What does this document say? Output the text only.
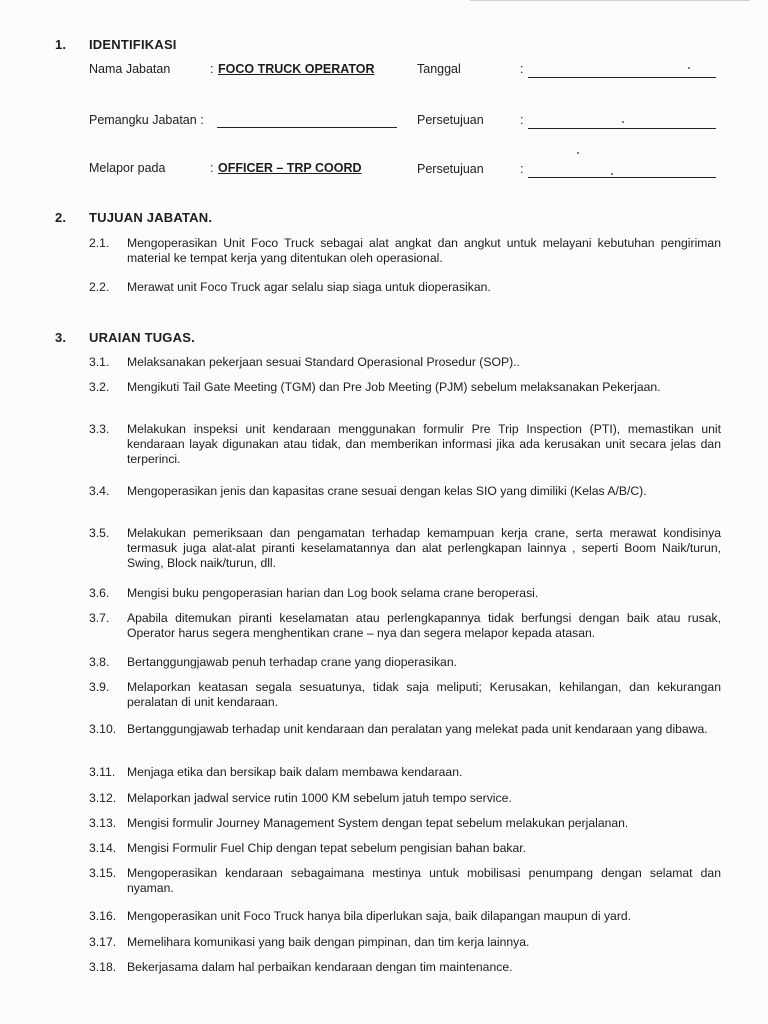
1. IDENTIFIKASI
Nama Jabatan	: FOCO TRUCK OPERATOR	Tanggal	:
Pemangku Jabatan :	Persetujuan	:
Melapor pada	: OFFICER – TRP COORD	Persetujuan	:
2. TUJUAN JABATAN.
2.1.	Mengoperasikan Unit Foco Truck sebagai alat angkat dan angkut untuk melayani kebutuhan pengiriman material ke tempat kerja yang ditentukan oleh operasional.
2.2.	Merawat unit Foco Truck agar selalu siap siaga untuk dioperasikan.
3. URAIAN TUGAS.
3.1.	Melaksanakan pekerjaan sesuai Standard Operasional Prosedur (SOP)..
3.2.	Mengikuti Tail Gate Meeting (TGM) dan Pre Job Meeting (PJM) sebelum melaksanakan Pekerjaan.
3.3.	Melakukan inspeksi unit kendaraan menggunakan formulir Pre Trip Inspection (PTI), memastikan unit kendaraan layak digunakan atau tidak, dan memberikan informasi jika ada kerusakan unit secara jelas dan terperinci.
3.4.	Mengoperasikan jenis dan kapasitas crane sesuai dengan kelas SIO yang dimiliki (Kelas A/B/C).
3.5.	Melakukan pemeriksaan dan pengamatan terhadap kemampuan kerja crane, serta merawat kondisinya termasuk juga alat-alat piranti keselamatannya dan alat perlengkapan lainnya , seperti Boom Naik/turun, Swing, Block naik/turun, dll.
3.6.	Mengisi buku pengoperasian harian dan Log book selama crane beroperasi.
3.7.	Apabila ditemukan piranti keselamatan atau perlengkapannya tidak berfungsi dengan baik atau rusak, Operator harus segera menghentikan crane – nya dan segera melapor kepada atasan.
3.8.	Bertanggungjawab penuh terhadap crane yang dioperasikan.
3.9.	Melaporkan keatasan segala sesuatunya, tidak saja meliputi; Kerusakan, kehilangan, dan kekurangan peralatan di unit kendaraan.
3.10. Bertanggungjawab terhadap unit kendaraan dan peralatan yang melekat pada unit kendaraan yang dibawa.
3.11. Menjaga etika dan bersikap baik dalam membawa kendaraan.
3.12. Melaporkan jadwal service rutin 1000 KM sebelum jatuh tempo service.
3.13. Mengisi formulir Journey Management System dengan tepat sebelum melakukan perjalanan.
3.14. Mengisi Formulir Fuel Chip dengan tepat sebelum pengisian bahan bakar.
3.15. Mengoperasikan kendaraan sebagaimana mestinya untuk mobilisasi penumpang dengan selamat dan nyaman.
3.16. Mengoperasikan unit Foco Truck hanya bila diperlukan saja, baik dilapangan maupun di yard.
3.17. Memelihara komunikasi yang baik dengan pimpinan, dan tim kerja lainnya.
3.18. Bekerjasama dalam hal perbaikan kendaraan dengan tim maintenance.
